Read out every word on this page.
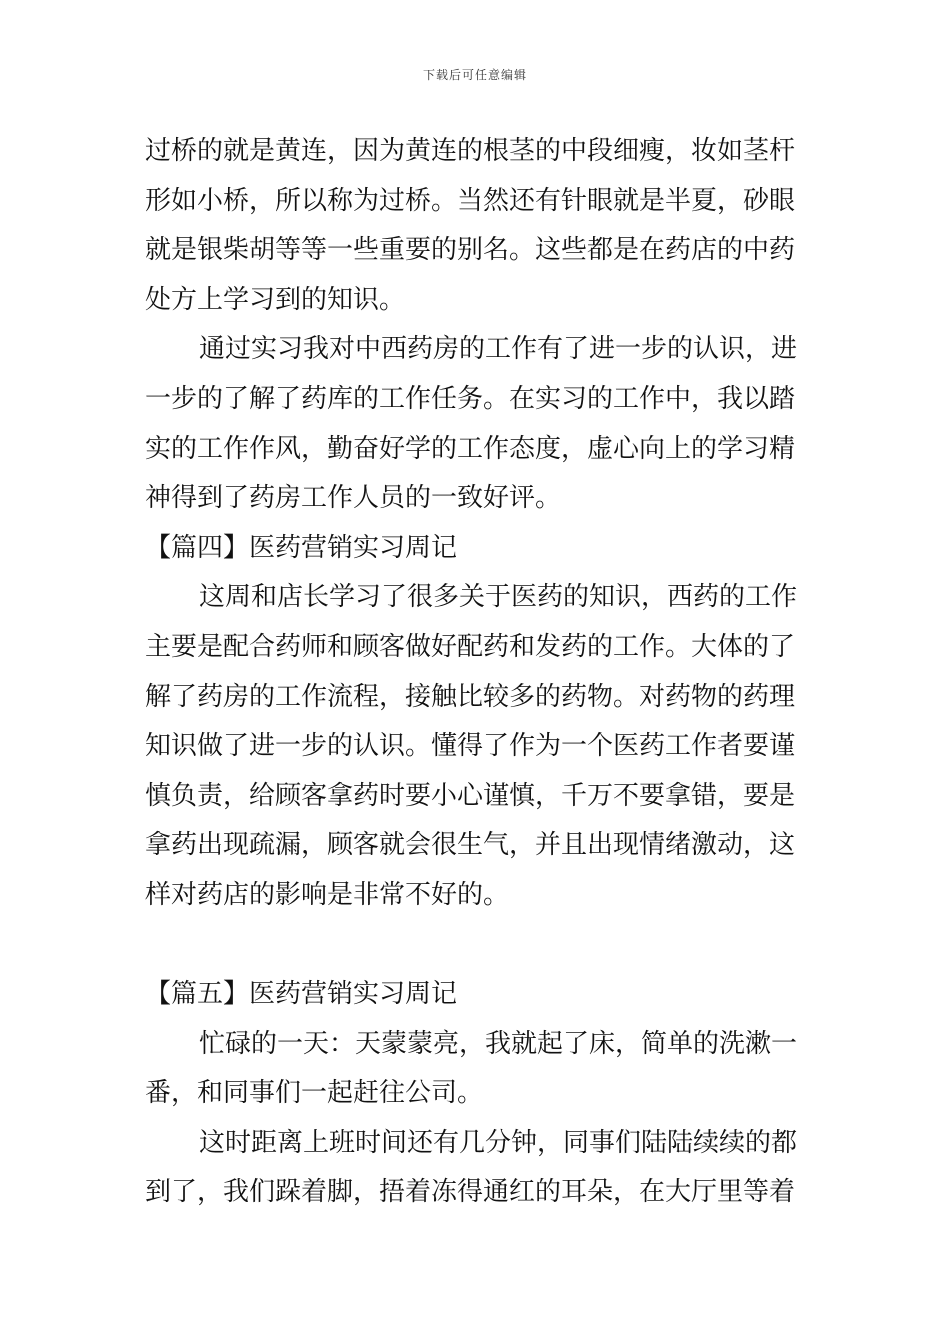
下载后可任意编辑
过桥的就是黄连，因为黄连的根茎的中段细瘦，妆如茎杆
形如小桥，所以称为过桥。当然还有针眼就是半夏，砂眼
就是银柴胡等等一些重要的别名。这些都是在药店的中药
处方上学习到的知识。
通过实习我对中西药房的工作有了进一步的认识，进
一步的了解了药库的工作任务。在实习的工作中，我以踏
实的工作作风，勤奋好学的工作态度，虚心向上的学习精
神得到了药房工作人员的一致好评。
【篇四】医药营销实习周记
这周和店长学习了很多关于医药的知识，西药的工作
主要是配合药师和顾客做好配药和发药的工作。大体的了
解了药房的工作流程，接触比较多的药物。对药物的药理
知识做了进一步的认识。懂得了作为一个医药工作者要谨
慎负责，给顾客拿药时要小心谨慎，千万不要拿错，要是
拿药出现疏漏，顾客就会很生气，并且出现情绪激动，这
样对药店的影响是非常不好的。
【篇五】医药营销实习周记
忙碌的一天：天蒙蒙亮，我就起了床，简单的洗漱一
番，和同事们一起赶往公司。
这时距离上班时间还有几分钟，同事们陆陆续续的都
到了，我们跺着脚，捂着冻得通红的耳朵，在大厅里等着
